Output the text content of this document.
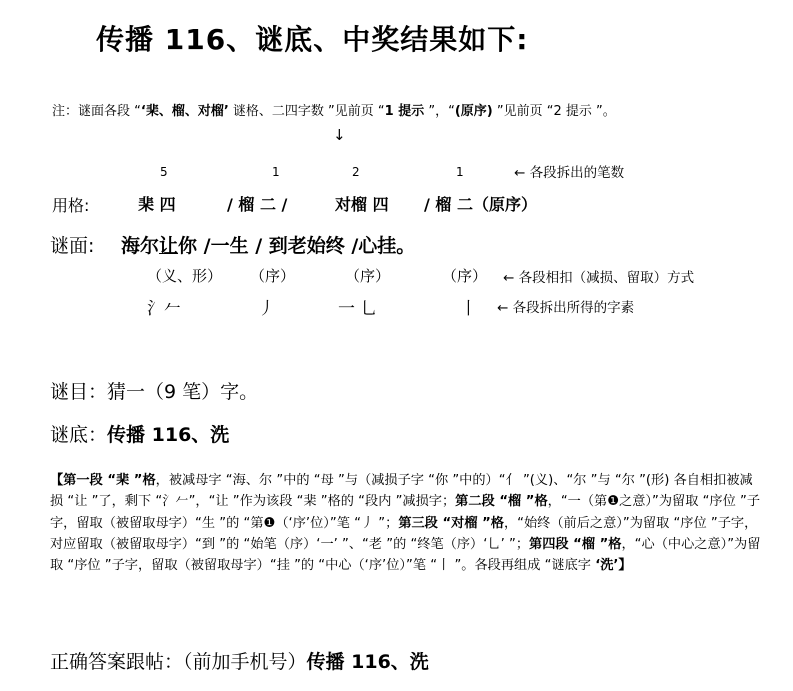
传播 116、谜底、中奖结果如下:
注：谜面各段 “‘棐、榴、对榴’ 谜格、二四字数 ”见前页 “1 提示 ”，“(原序) ”见前页 “2 提示 ”。
↓
5	1	2	1	← 各段拆出的笔数
用格:	棐 四	/ 榴 二 /	对榴 四 / 榴 二（原序）
谜面: 海尔让你 /一生 / 到老始终 /心挂。
（义、形） （序）	（序）	（序） ← 各段相扣（减损、留取）方式
氵𠂉	丿	一 乚	丨 ← 各段拆出所得的字素
谜目：猜一（9 笔）字。
谜底：传播 116、洗
【第一段 “棐 ”格，被减母字 “海、尔 ”中的 “母 ”与（减损子字 “你 ”中的）“亻 ”(义)、“尔 ”与 “尔 ”(形) 各自相扣被减损 “让 ”了，剩下 “氵𠂉”，“让 ”作为该段 “棐 ”格的 “段内 ”减损字；第二段 “榴 ”格，“一（第❶之意）”为留取 “序位 ”子字，留取（被留取母字）“生 ”的 “第❶（‘序’位）”笔 “丿 ”；第三段 “对榴 ”格，“始终（前后之意）”为留取 “序位 ”子字，对应留取（被留取母字）“到 ”的 “始笔（序）‘一’ ”、“老 ”的 “终笔（序）‘乚’ ”；第四段 “榴 ”格，“心（中心之意）”为留取 “序位 ”子字，留取（被留取母字）“挂 ”的 “中心（‘序’位）”笔 “丨 ”。各段再组成 “谜底字 ‘洗’】
正确答案跟帖：（前加手机号）传播 116、洗
